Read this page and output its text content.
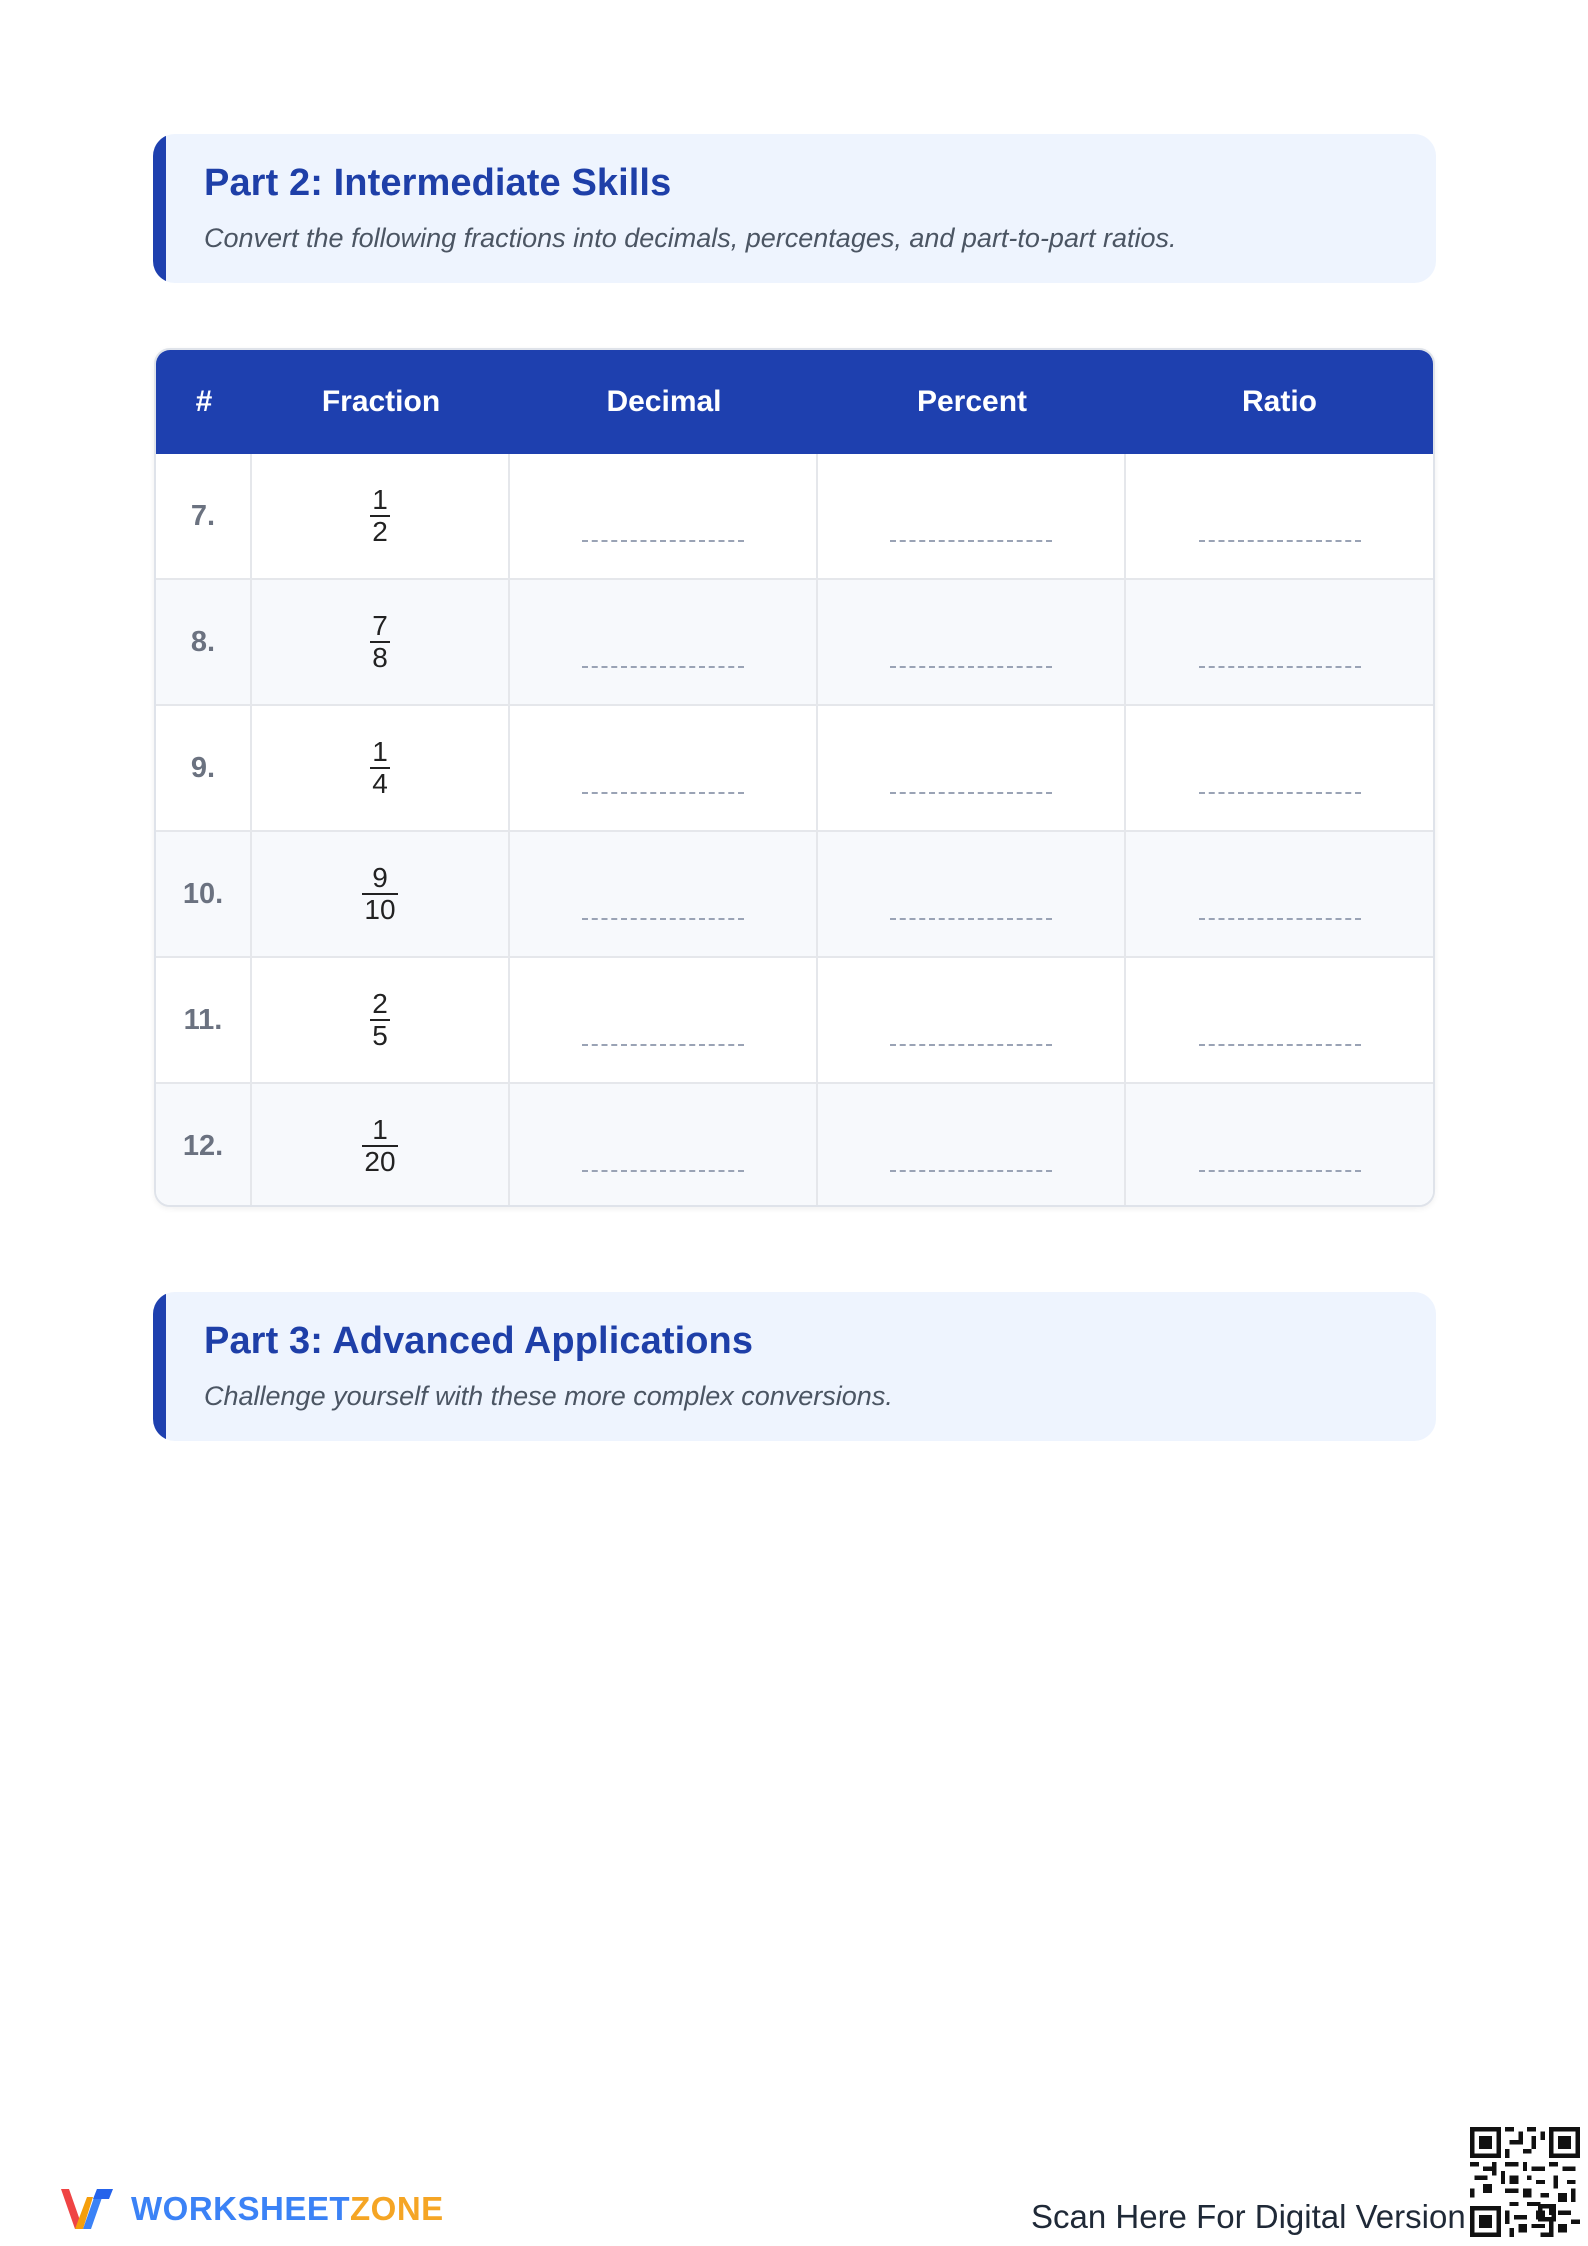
Part 2: Intermediate Skills
Convert the following fractions into decimals, percentages, and part-to-part ratios.
#	Fraction	Decimal	Percent	Ratio
7.	$\frac{1}{2}$
8.	$\frac{7}{8}$
9.	$\frac{1}{4}$
10.	$\frac{9}{10}$
11.	$\frac{2}{5}$
12.	$\frac{1}{20}$
Part 3: Advanced Applications
Challenge yourself with these more complex conversions.
WORKSHEETZONE	Scan Here For Digital Version
